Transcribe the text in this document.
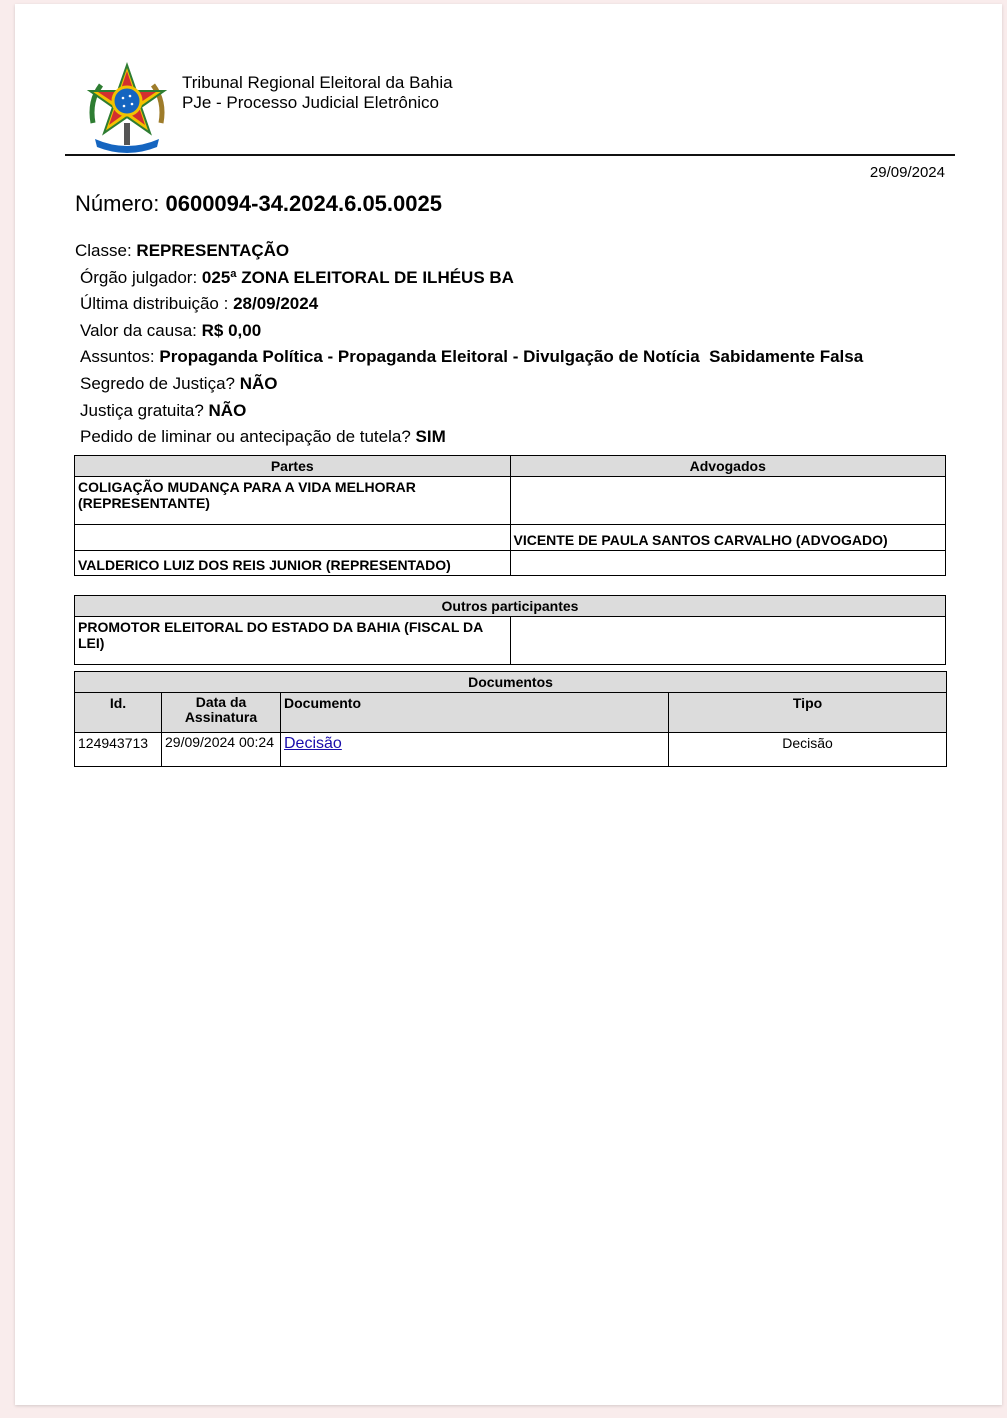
Tribunal Regional Eleitoral da Bahia
PJe - Processo Judicial Eletrônico
29/09/2024
Número: 0600094-34.2024.6.05.0025
Classe: REPRESENTAÇÃO
Órgão julgador: 025ª ZONA ELEITORAL DE ILHÉUS BA
Última distribuição : 28/09/2024
Valor da causa: R$ 0,00
Assuntos: Propaganda Política - Propaganda Eleitoral - Divulgação de Notícia  Sabidamente Falsa
Segredo de Justiça? NÃO
Justiça gratuita? NÃO
Pedido de liminar ou antecipação de tutela? SIM
Partes	Advogados
COLIGAÇÃO MUDANÇA PARA A VIDA MELHORAR (REPRESENTANTE)	
	VICENTE DE PAULA SANTOS CARVALHO (ADVOGADO)
VALDERICO LUIZ DOS REIS JUNIOR (REPRESENTADO)	
Outros participantes
PROMOTOR ELEITORAL DO ESTADO DA BAHIA (FISCAL DA LEI)	
Documentos			
Id.	Data da Assinatura	Documento	Tipo
124943713	29/09/2024 00:24	Decisão	Decisão
